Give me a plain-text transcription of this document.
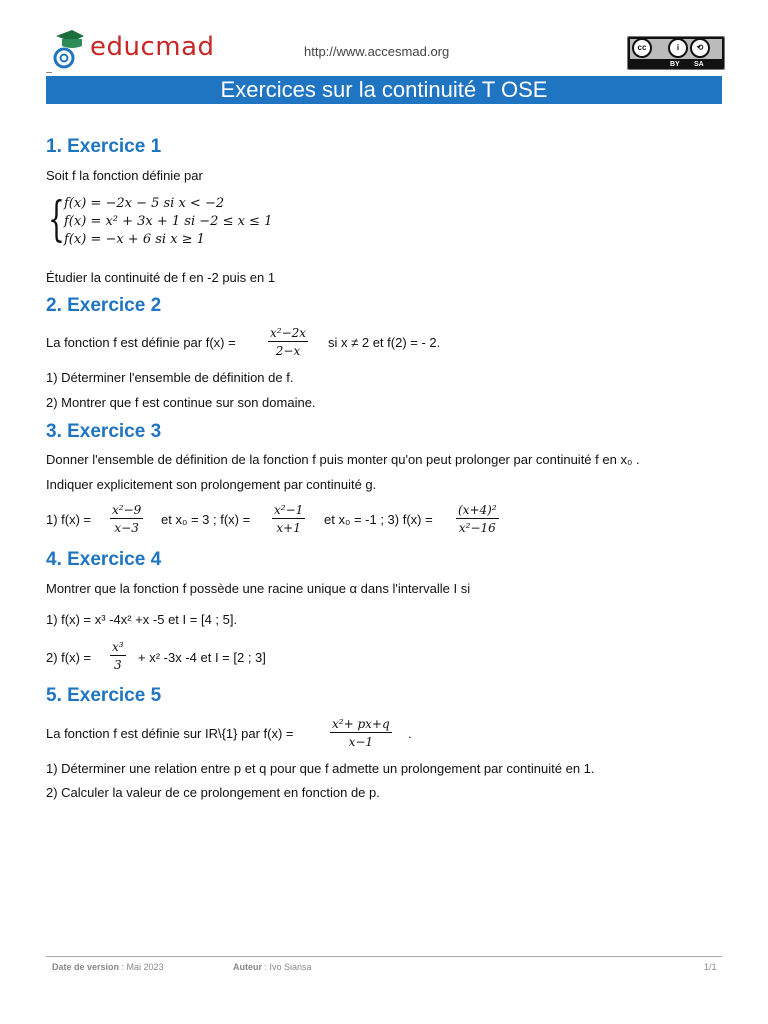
educmad	http://www.accesmad.org	cc	i	⟲
BY SA
Exercices sur la continuité T OSE
1. Exercice 1
Soit f la fonction définie par
{ f(x) = −2x − 5 si x < −2
f(x) = x² + 3x + 1 si −2 ≤ x ≤ 1
f(x) = −x + 6 si x ≥ 1
Étudier la continuité de f en -2 puis en 1
2. Exercice 2
La fonction f est définie par f(x) =	$\frac{\text{x²−2x}}{2-x}$ si x ≠ 2 et f(2) = - 2.
1) Déterminer l'ensemble de définition de f.
2) Montrer que f est continue sur son domaine.
3. Exercice 3
Donner l'ensemble de définition de la fonction f puis monter qu'on peut prolonger par continuité f en x₀ .
Indiquer explicitement son prolongement par continuité g.
1) $f(x) = \frac{\text{x²−9}}{x-3}$ et x₀ = 3 ; $f(x) = \frac{\text{x²−1}}{x+1}$ et x₀ = -1 ; 3) $f(x) = \frac{\text{(x+4)²}}{\text{x²−16}}$
4. Exercice 4
Montrer que la fonction f possède une racine unique α dans l'intervalle I si
1) f(x) = x³ -4x² +x -5 et I = [4 ; 5].
2) $f(x) = \frac{\text{x³}}{3} + x^2$ -3x -4 et I = [2 ; 3]
5. Exercice 5
La fonction f est définie sur IR\{1} par f(x) =	$\frac{\text{x²+ px+q}}{x-1}$ .
1) Déterminer une relation entre p et q pour que f admette un prolongement par continuité en 1.
2) Calculer la valeur de ce prolongement en fonction de p.
Date de version : Mai 2023	Auteur : Ivo Siansa	1/1
